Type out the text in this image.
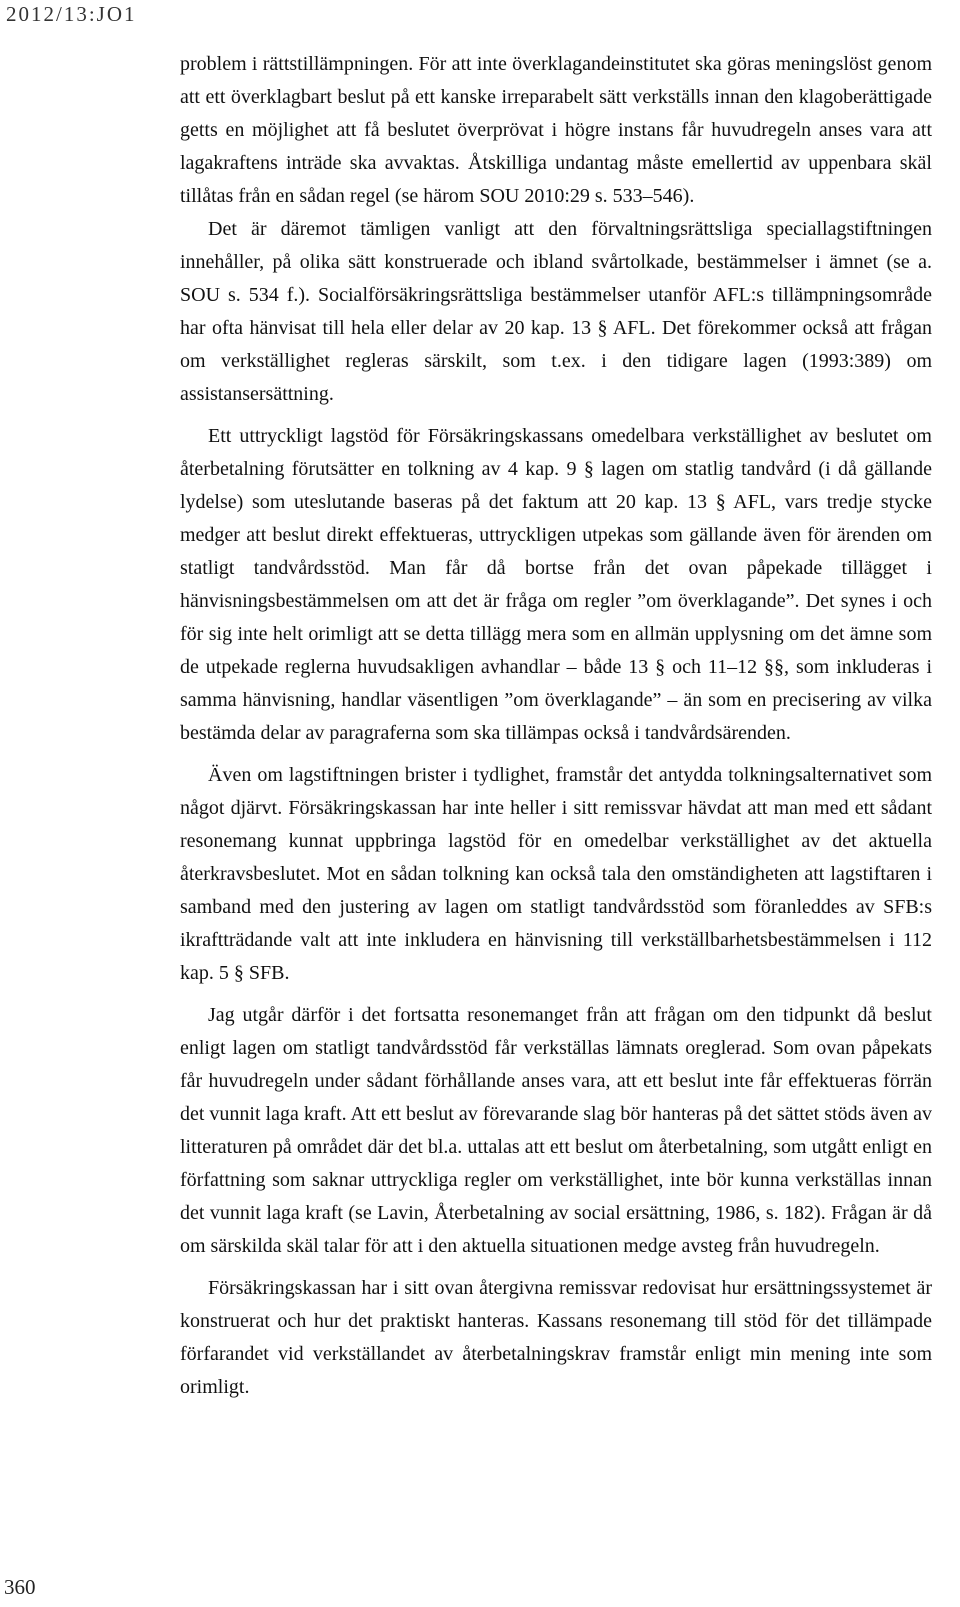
2012/13:JO1

problem i rättstillämpningen. För att inte överklagandeinstitutet ska göras meningslöst genom att ett överklagbart beslut på ett kanske irreparabelt sätt verkställs innan den klagoberättigade getts en möjlighet att få beslutet överprövat i högre instans får huvudregeln anses vara att lagakraftens inträde ska avvaktas. Åtskilliga undantag måste emellertid av uppenbara skäl tillåtas från en sådan regel (se härom SOU 2010:29 s. 533–546).

Det är däremot tämligen vanligt att den förvaltningsrättsliga speciallagstiftningen innehåller, på olika sätt konstruerade och ibland svårtolkade, bestämmelser i ämnet (se a. SOU s. 534 f.). Socialförsäkringsrättsliga bestämmelser utanför AFL:s tillämpningsområde har ofta hänvisat till hela eller delar av 20 kap. 13 § AFL. Det förekommer också att frågan om verkställighet regleras särskilt, som t.ex. i den tidigare lagen (1993:389) om assistansersättning.

Ett uttryckligt lagstöd för Försäkringskassans omedelbara verkställighet av beslutet om återbetalning förutsätter en tolkning av 4 kap. 9 § lagen om statlig tandvård (i då gällande lydelse) som uteslutande baseras på det faktum att 20 kap. 13 § AFL, vars tredje stycke medger att beslut direkt effektueras, uttryckligen utpekas som gällande även för ärenden om statligt tandvårdsstöd. Man får då bortse från det ovan påpekade tillägget i hänvisningsbestämmelsen om att det är fråga om regler ”om överklagande”. Det synes i och för sig inte helt orimligt att se detta tillägg mera som en allmän upplysning om det ämne som de utpekade reglerna huvudsakligen avhandlar – både 13 § och 11–12 §§, som inkluderas i samma hänvisning, handlar väsentligen ”om överklagande” – än som en precisering av vilka bestämda delar av paragraferna som ska tillämpas också i tandvårdsärenden.

Även om lagstiftningen brister i tydlighet, framstår det antydda tolkningsalternativet som något djärvt. Försäkringskassan har inte heller i sitt remissvar hävdat att man med ett sådant resonemang kunnat uppbringa lagstöd för en omedelbar verkställighet av det aktuella återkravsbeslutet. Mot en sådan tolkning kan också tala den omständigheten att lagstiftaren i samband med den justering av lagen om statligt tandvårdsstöd som föranleddes av SFB:s ikraftträdande valt att inte inkludera en hänvisning till verkställbarhetsbestämmelsen i 112 kap. 5 § SFB.

Jag utgår därför i det fortsatta resonemanget från att frågan om den tidpunkt då beslut enligt lagen om statligt tandvårdsstöd får verkställas lämnats oreglerad. Som ovan påpekats får huvudregeln under sådant förhållande anses vara, att ett beslut inte får effektueras förrän det vunnit laga kraft. Att ett beslut av förevarande slag bör hanteras på det sättet stöds även av litteraturen på området där det bl.a. uttalas att ett beslut om återbetalning, som utgått enligt en författning som saknar uttryckliga regler om verkställighet, inte bör kunna verkställas innan det vunnit laga kraft (se Lavin, Återbetalning av social ersättning, 1986, s. 182). Frågan är då om särskilda skäl talar för att i den aktuella situationen medge avsteg från huvudregeln.

Försäkringskassan har i sitt ovan återgivna remissvar redovisat hur ersättningssystemet är konstruerat och hur det praktiskt hanteras. Kassans resonemang till stöd för det tillämpade förfarandet vid verkställandet av återbetalningskrav framstår enligt min mening inte som orimligt.

360
